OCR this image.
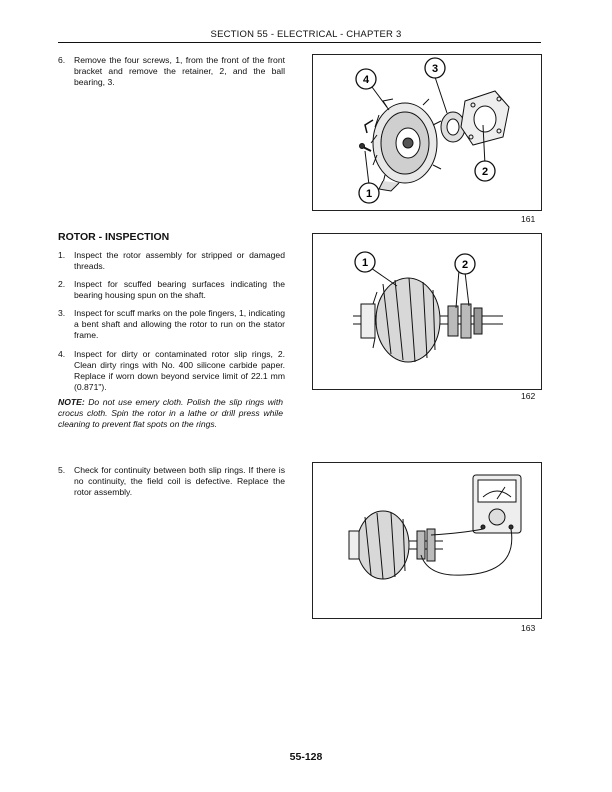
SECTION 55 - ELECTRICAL - CHAPTER 3
6. Remove the four screws, 1, from the front of the front bracket and remove the retainer, 2, and the ball bearing, 3.
ROTOR - INSPECTION
1. Inspect the rotor assembly for stripped or damaged threads.
2. Inspect for scuffed bearing surfaces indicating the bearing housing spun on the shaft.
3. Inspect for scuff marks on the pole fingers, 1, indicating a bent shaft and allowing the rotor to run on the stator frame.
4. Inspect for dirty or contaminated rotor slip rings, 2. Clean dirty rings with No. 400 silicone carbide paper. Replace if worn down beyond service limit of 22.1 mm (0.871").
NOTE: Do not use emery cloth. Polish the slip rings with crocus cloth. Spin the rotor in a lathe or drill press while cleaning to prevent flat spots on the rings.
5. Check for continuity between both slip rings. If there is no continuity, the field coil is defective. Replace the rotor assembly.
4
3
2
1
161
1	2
162
163
55-128
